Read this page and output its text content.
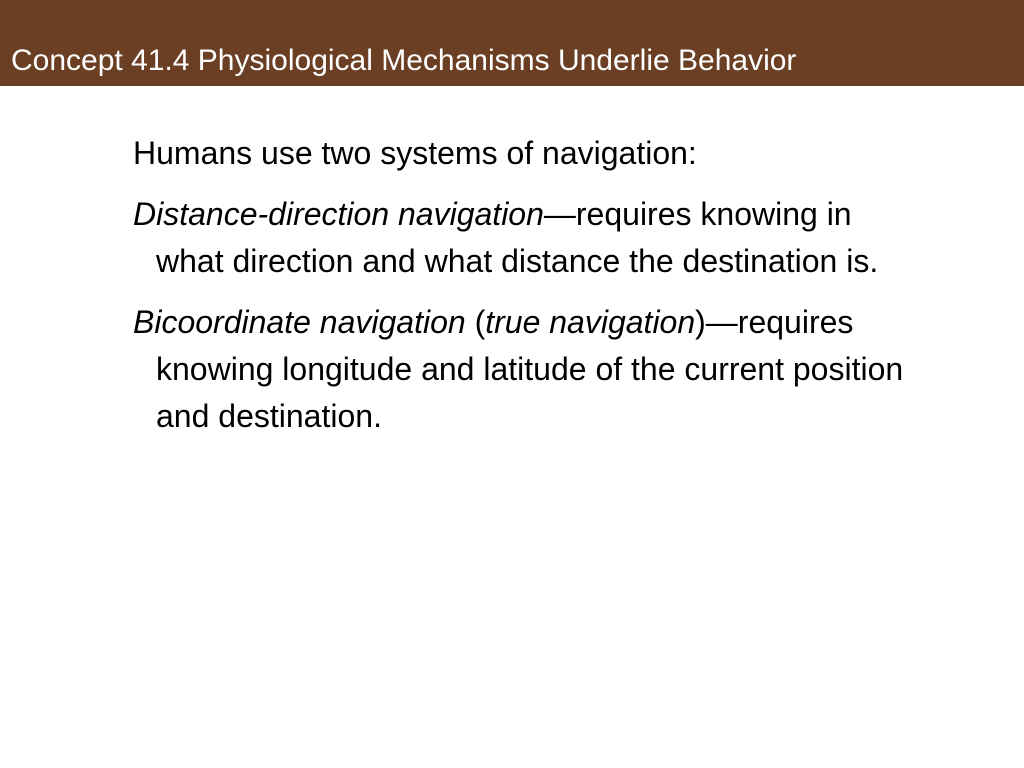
Concept 41.4 Physiological Mechanisms Underlie Behavior

Humans use two systems of navigation:

Distance-direction navigation—requires knowing in what direction and what distance the destination is.

Bicoordinate navigation (true navigation)—requires knowing longitude and latitude of the current position and destination.
